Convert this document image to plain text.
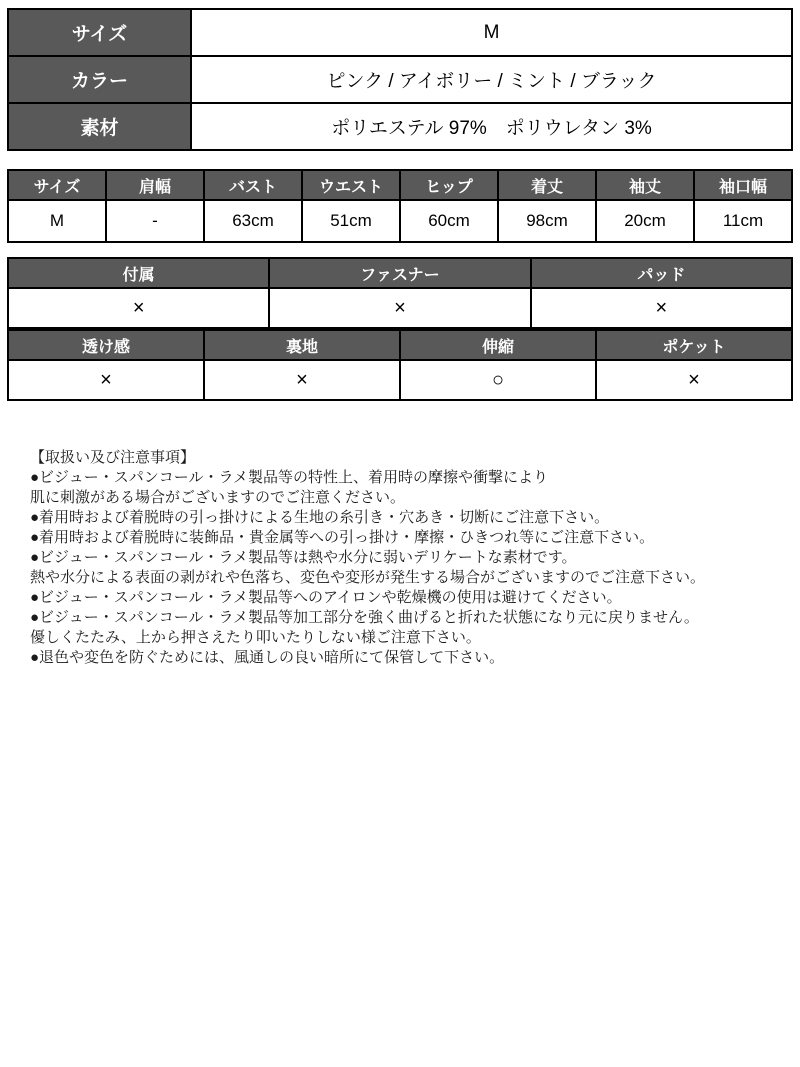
サイズ	M
カラー	ピンク / アイボリー / ミント / ブラック
素材	ポリエステル 97%　ポリウレタン 3%
サイズ	肩幅	バスト	ウエスト	ヒップ	着丈	袖丈	袖口幅
M	-	63cm	51cm	60cm	98cm	20cm	11cm
付属	ファスナー	パッド
×	×	×
透け感	裏地	伸縮	ポケット
×	×	○	×
【取扱い及び注意事項】
●ビジュー・スパンコール・ラメ製品等の特性上、着用時の摩擦や衝撃により
肌に刺激がある場合がございますのでご注意ください。
●着用時および着脱時の引っ掛けによる生地の糸引き・穴あき・切断にご注意下さい。
●着用時および着脱時に装飾品・貴金属等への引っ掛け・摩擦・ひきつれ等にご注意下さい。
●ビジュー・スパンコール・ラメ製品等は熱や水分に弱いデリケートな素材です。
熱や水分による表面の剥がれや色落ち、変色や変形が発生する場合がございますのでご注意下さい。
●ビジュー・スパンコール・ラメ製品等へのアイロンや乾燥機の使用は避けてください。
●ビジュー・スパンコール・ラメ製品等加工部分を強く曲げると折れた状態になり元に戻りません。
優しくたたみ、上から押さえたり叩いたりしない様ご注意下さい。
●退色や変色を防ぐためには、風通しの良い暗所にて保管して下さい。
